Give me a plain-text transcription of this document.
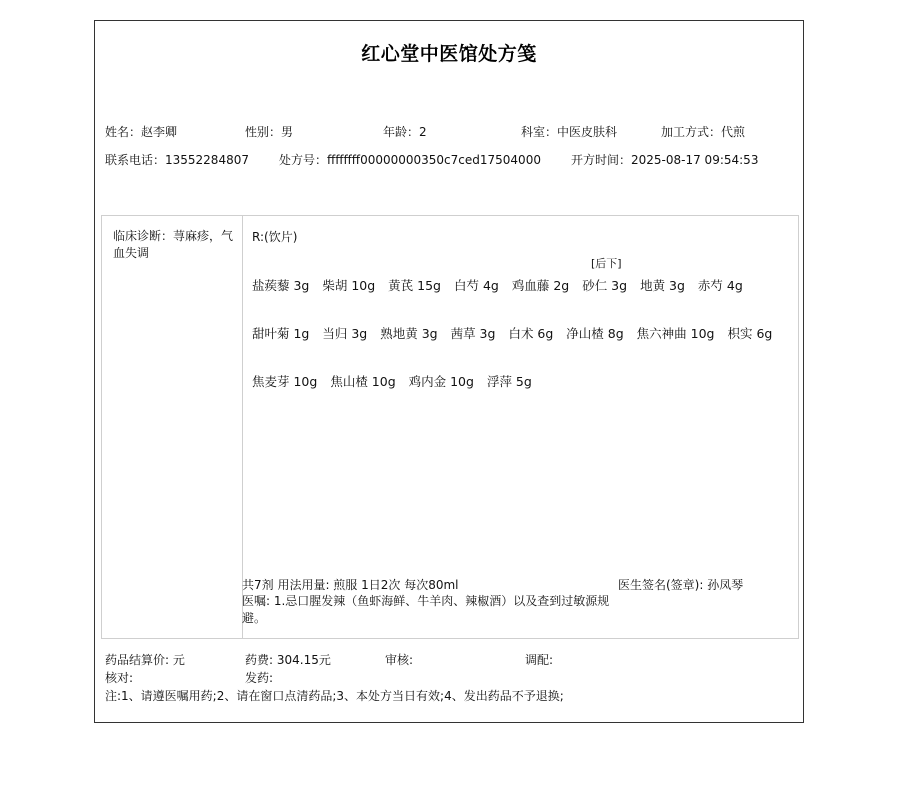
红心堂中医馆处方笺
姓名：赵李卿	性别：男	年龄：2	科室：中医皮肤科	加工方式：代煎
联系电话：13552284807	处方号：ffffffff00000000350c7ced17504000	开方时间：2025-08-17 09:54:53
临床诊断：荨麻疹，气血失调
R:(饮片)
[后下]
盐蒺藜 3g 柴胡 10g 黄芪 15g 白芍 4g 鸡血藤 2g 砂仁 3g 地黄 3g 赤芍 4g
甜叶菊 1g 当归 3g 熟地黄 3g 茜草 3g 白术 6g 净山楂 8g 焦六神曲 10g 枳实 6g
焦麦芽 10g 焦山楂 10g 鸡内金 10g 浮萍 5g
共7剂 用法用量: 煎服 1日2次 每次80ml	医生签名(签章): 孙凤琴
医嘱: 1.忌口腥发辣（鱼虾海鲜、牛羊肉、辣椒酒）以及查到过敏源规避。
药品结算价: 元	药费: 304.15元	审核:	调配:
核对:	发药:
注:1、请遵医嘱用药;2、请在窗口点清药品;3、本处方当日有效;4、发出药品不予退换;
